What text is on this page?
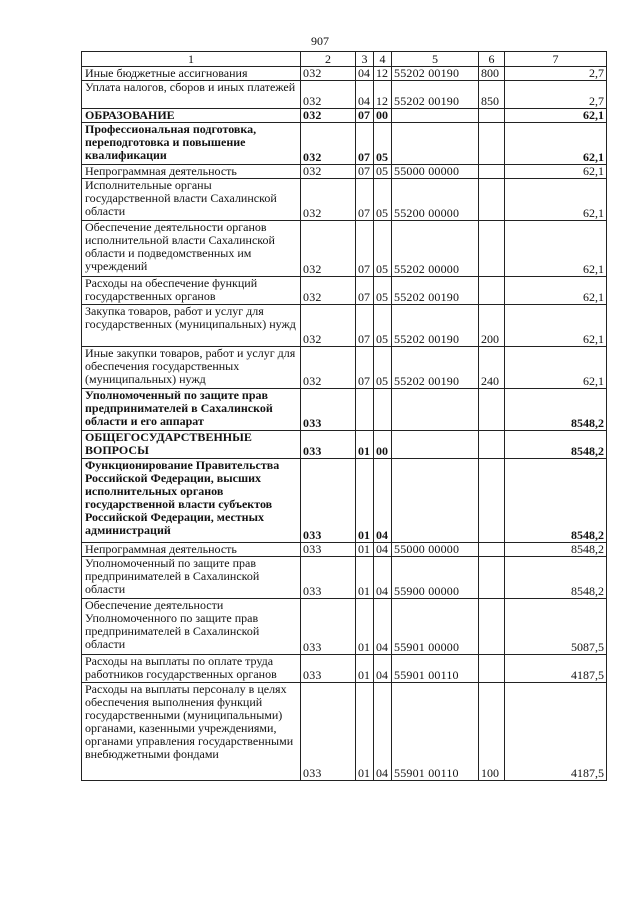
907
1	2	3	4	5	6	7
Иные бюджетные ассигнования	032	04	12	55202 00190	800	2,7
Уплата налогов, сборов и иных платежей	032	04	12	55202 00190	850	2,7
ОБРАЗОВАНИЕ	032	07	00			62,1
Профессиональная подготовка, переподготовка и повышение квалификации	032	07	05			62,1
Непрограммная деятельность	032	07	05	55000 00000		62,1
Исполнительные органы государственной власти Сахалинской области	032	07	05	55200 00000		62,1
Обеспечение деятельности органов исполнительной власти Сахалинской области и подведомственных им учреждений	032	07	05	55202 00000		62,1
Расходы на обеспечение функций государственных органов	032	07	05	55202 00190		62,1
Закупка товаров, работ и услуг для государственных (муниципальных) нужд	032	07	05	55202 00190	200	62,1
Иные закупки товаров, работ и услуг для обеспечения государственных (муниципальных) нужд	032	07	05	55202 00190	240	62,1
Уполномоченный по защите прав предпринимателей в Сахалинской области и его аппарат	033					8548,2
ОБЩЕГОСУДАРСТВЕННЫЕ ВОПРОСЫ	033	01	00			8548,2
Функционирование Правительства Российской Федерации, высших исполнительных органов государственной власти субъектов Российской Федерации, местных администраций	033	01	04			8548,2
Непрограммная деятельность	033	01	04	55000 00000		8548,2
Уполномоченный по защите прав предпринимателей в Сахалинской области	033	01	04	55900 00000		8548,2
Обеспечение деятельности Уполномоченного по защите прав предпринимателей в Сахалинской области	033	01	04	55901 00000		5087,5
Расходы на выплаты по оплате труда работников государственных органов	033	01	04	55901 00110		4187,5
Расходы на выплаты персоналу в целях обеспечения выполнения функций государственными (муниципальными) органами, казенными учреждениями, органами управления государственными внебюджетными фондами	033	01	04	55901 00110	100	4187,5
